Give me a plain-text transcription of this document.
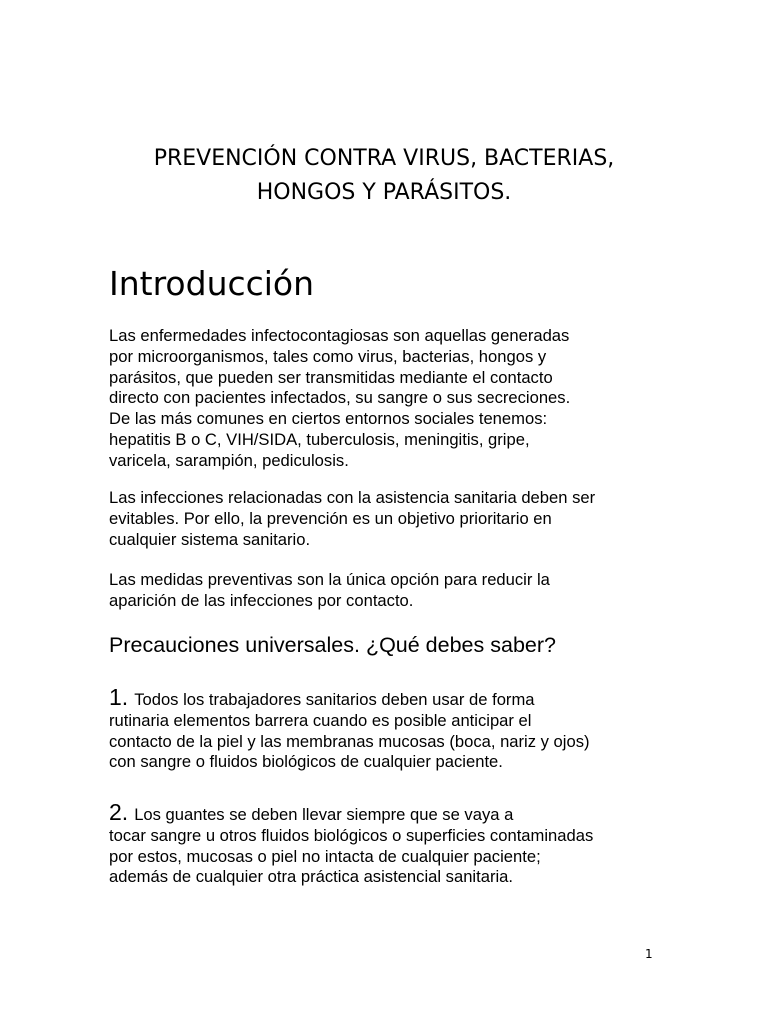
PREVENCIÓN CONTRA VIRUS, BACTERIAS,
HONGOS Y PARÁSITOS.
Introducción

Las enfermedades infectocontagiosas son aquellas generadas
por microorganismos, tales como virus, bacterias, hongos y
parásitos, que pueden ser transmitidas mediante el contacto
directo con pacientes infectados, su sangre o sus secreciones.
De las más comunes en ciertos entornos sociales tenemos:
hepatitis B o C, VIH/SIDA, tuberculosis, meningitis, gripe,
varicela, sarampión, pediculosis.

Las infecciones relacionadas con la asistencia sanitaria deben ser
evitables. Por ello, la prevención es un objetivo prioritario en
cualquier sistema sanitario.

Las medidas preventivas son la única opción para reducir la
aparición de las infecciones por contacto.

Precauciones universales. ¿Qué debes saber?
1. Todos los trabajadores sanitarios deben usar de forma
rutinaria elementos barrera cuando es posible anticipar el
contacto de la piel y las membranas mucosas (boca, nariz y ojos)
con sangre o fluidos biológicos de cualquier paciente.
2. Los guantes se deben llevar siempre que se vaya a
tocar sangre u otros fluidos biológicos o superficies contaminadas
por estos, mucosas o piel no intacta de cualquier paciente;
además de cualquier otra práctica asistencial sanitaria.
1
